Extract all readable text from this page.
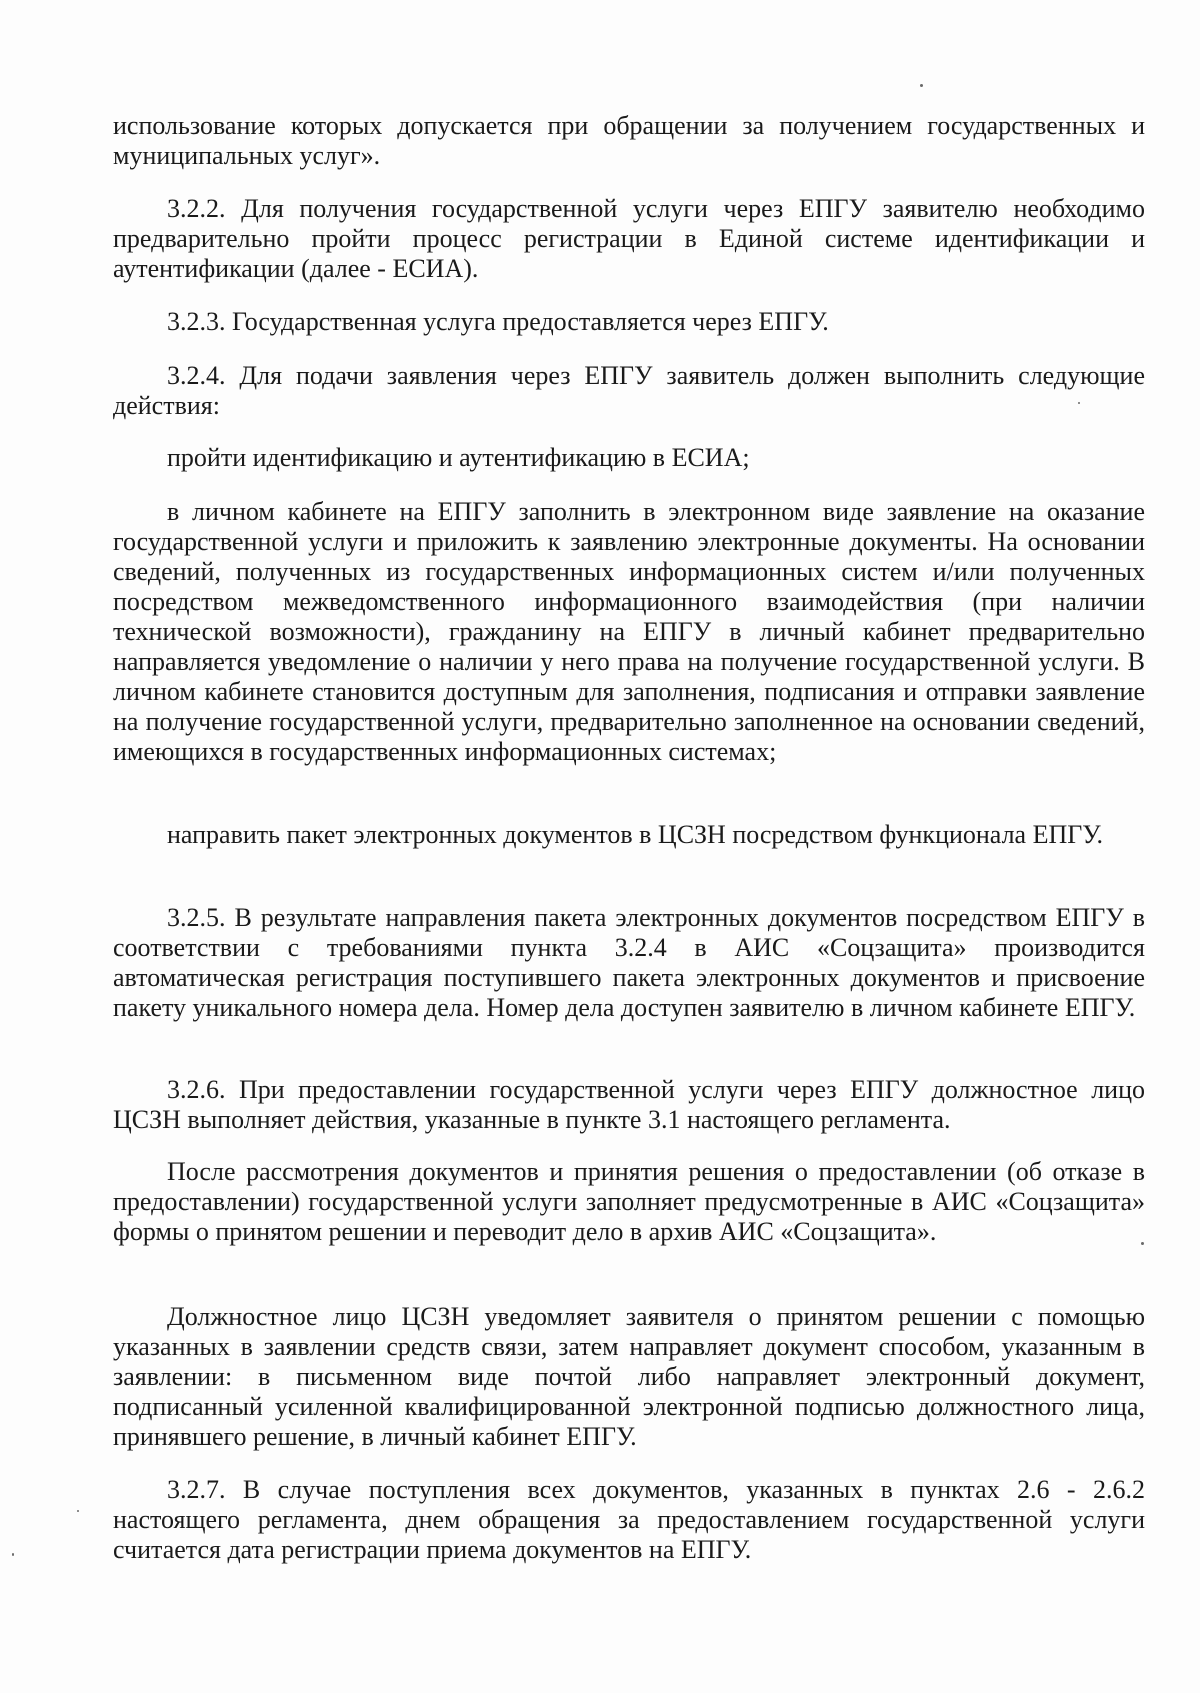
использование которых допускается при обращении за получением государственных и муниципальных услуг».

3.2.2. Для получения государственной услуги через ЕПГУ заявителю необходимо предварительно пройти процесс регистрации в Единой системе идентификации и аутентификации (далее - ЕСИА).

3.2.3. Государственная услуга предоставляется через ЕПГУ.

3.2.4. Для подачи заявления через ЕПГУ заявитель должен выполнить следующие действия:

пройти идентификацию и аутентификацию в ЕСИА;

в личном кабинете на ЕПГУ заполнить в электронном виде заявление на оказание государственной услуги и приложить к заявлению электронные документы. На основании сведений, полученных из государственных информационных систем и/или полученных посредством межведомственного информационного взаимодействия (при наличии технической возможности), гражданину на ЕПГУ в личный кабинет предварительно направляется уведомление о наличии у него права на получение государственной услуги. В личном кабинете становится доступным для заполнения, подписания и отправки заявление на получение государственной услуги, предварительно заполненное на основании сведений, имеющихся в государственных информационных системах;

направить пакет электронных документов в ЦСЗН посредством функционала ЕПГУ.

3.2.5. В результате направления пакета электронных документов посредством ЕПГУ в соответствии с требованиями пункта 3.2.4 в АИС «Соцзащита» производится автоматическая регистрация поступившего пакета электронных документов и присвоение пакету уникального номера дела. Номер дела доступен заявителю в личном кабинете ЕПГУ.

3.2.6. При предоставлении государственной услуги через ЕПГУ должностное лицо ЦСЗН выполняет действия, указанные в пункте 3.1 настоящего регламента.

После рассмотрения документов и принятия решения о предоставлении (об отказе в предоставлении) государственной услуги заполняет предусмотренные в АИС «Соцзащита» формы о принятом решении и переводит дело в архив АИС «Соцзащита».

Должностное лицо ЦСЗН уведомляет заявителя о принятом решении с помощью указанных в заявлении средств связи, затем направляет документ способом, указанным в заявлении: в письменном виде почтой либо направляет электронный документ, подписанный усиленной квалифицированной электронной подписью должностного лица, принявшего решение, в личный кабинет ЕПГУ.

3.2.7. В случае поступления всех документов, указанных в пунктах 2.6 - 2.6.2 настоящего регламента, днем обращения за предоставлением государственной услуги считается дата регистрации приема документов на ЕПГУ.
